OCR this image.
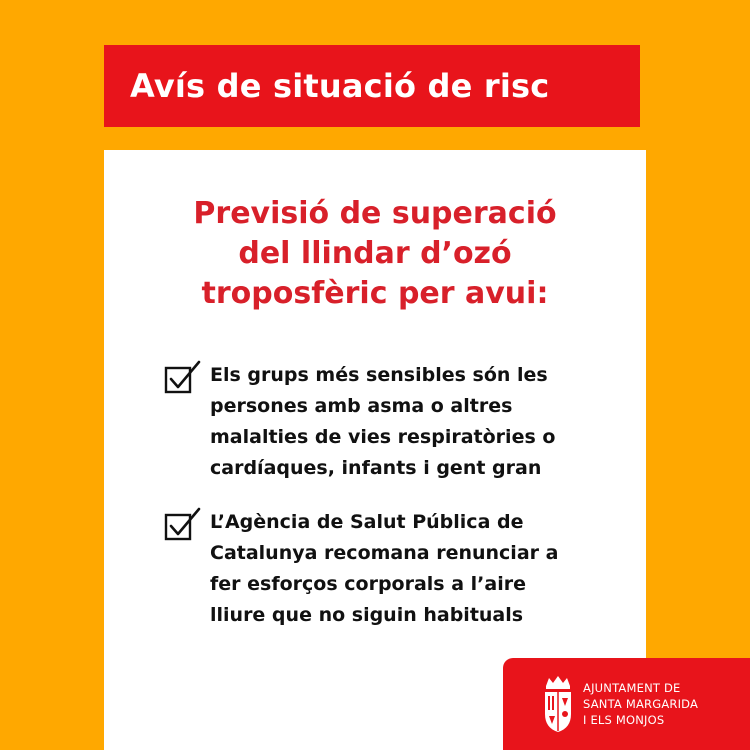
Avís de situació de risc
Previsió de superació
del llindar d’ozó
troposfèric per avui:
Els grups més sensibles són les
persones amb asma o altres
malalties de vies respiratòries o
cardíaques, infants i gent gran
L’Agència de Salut Pública de
Catalunya recomana renunciar a
fer esforços corporals a l’aire
lliure que no siguin habituals
AJUNTAMENT DE
SANTA MARGARIDA
I ELS MONJOS
